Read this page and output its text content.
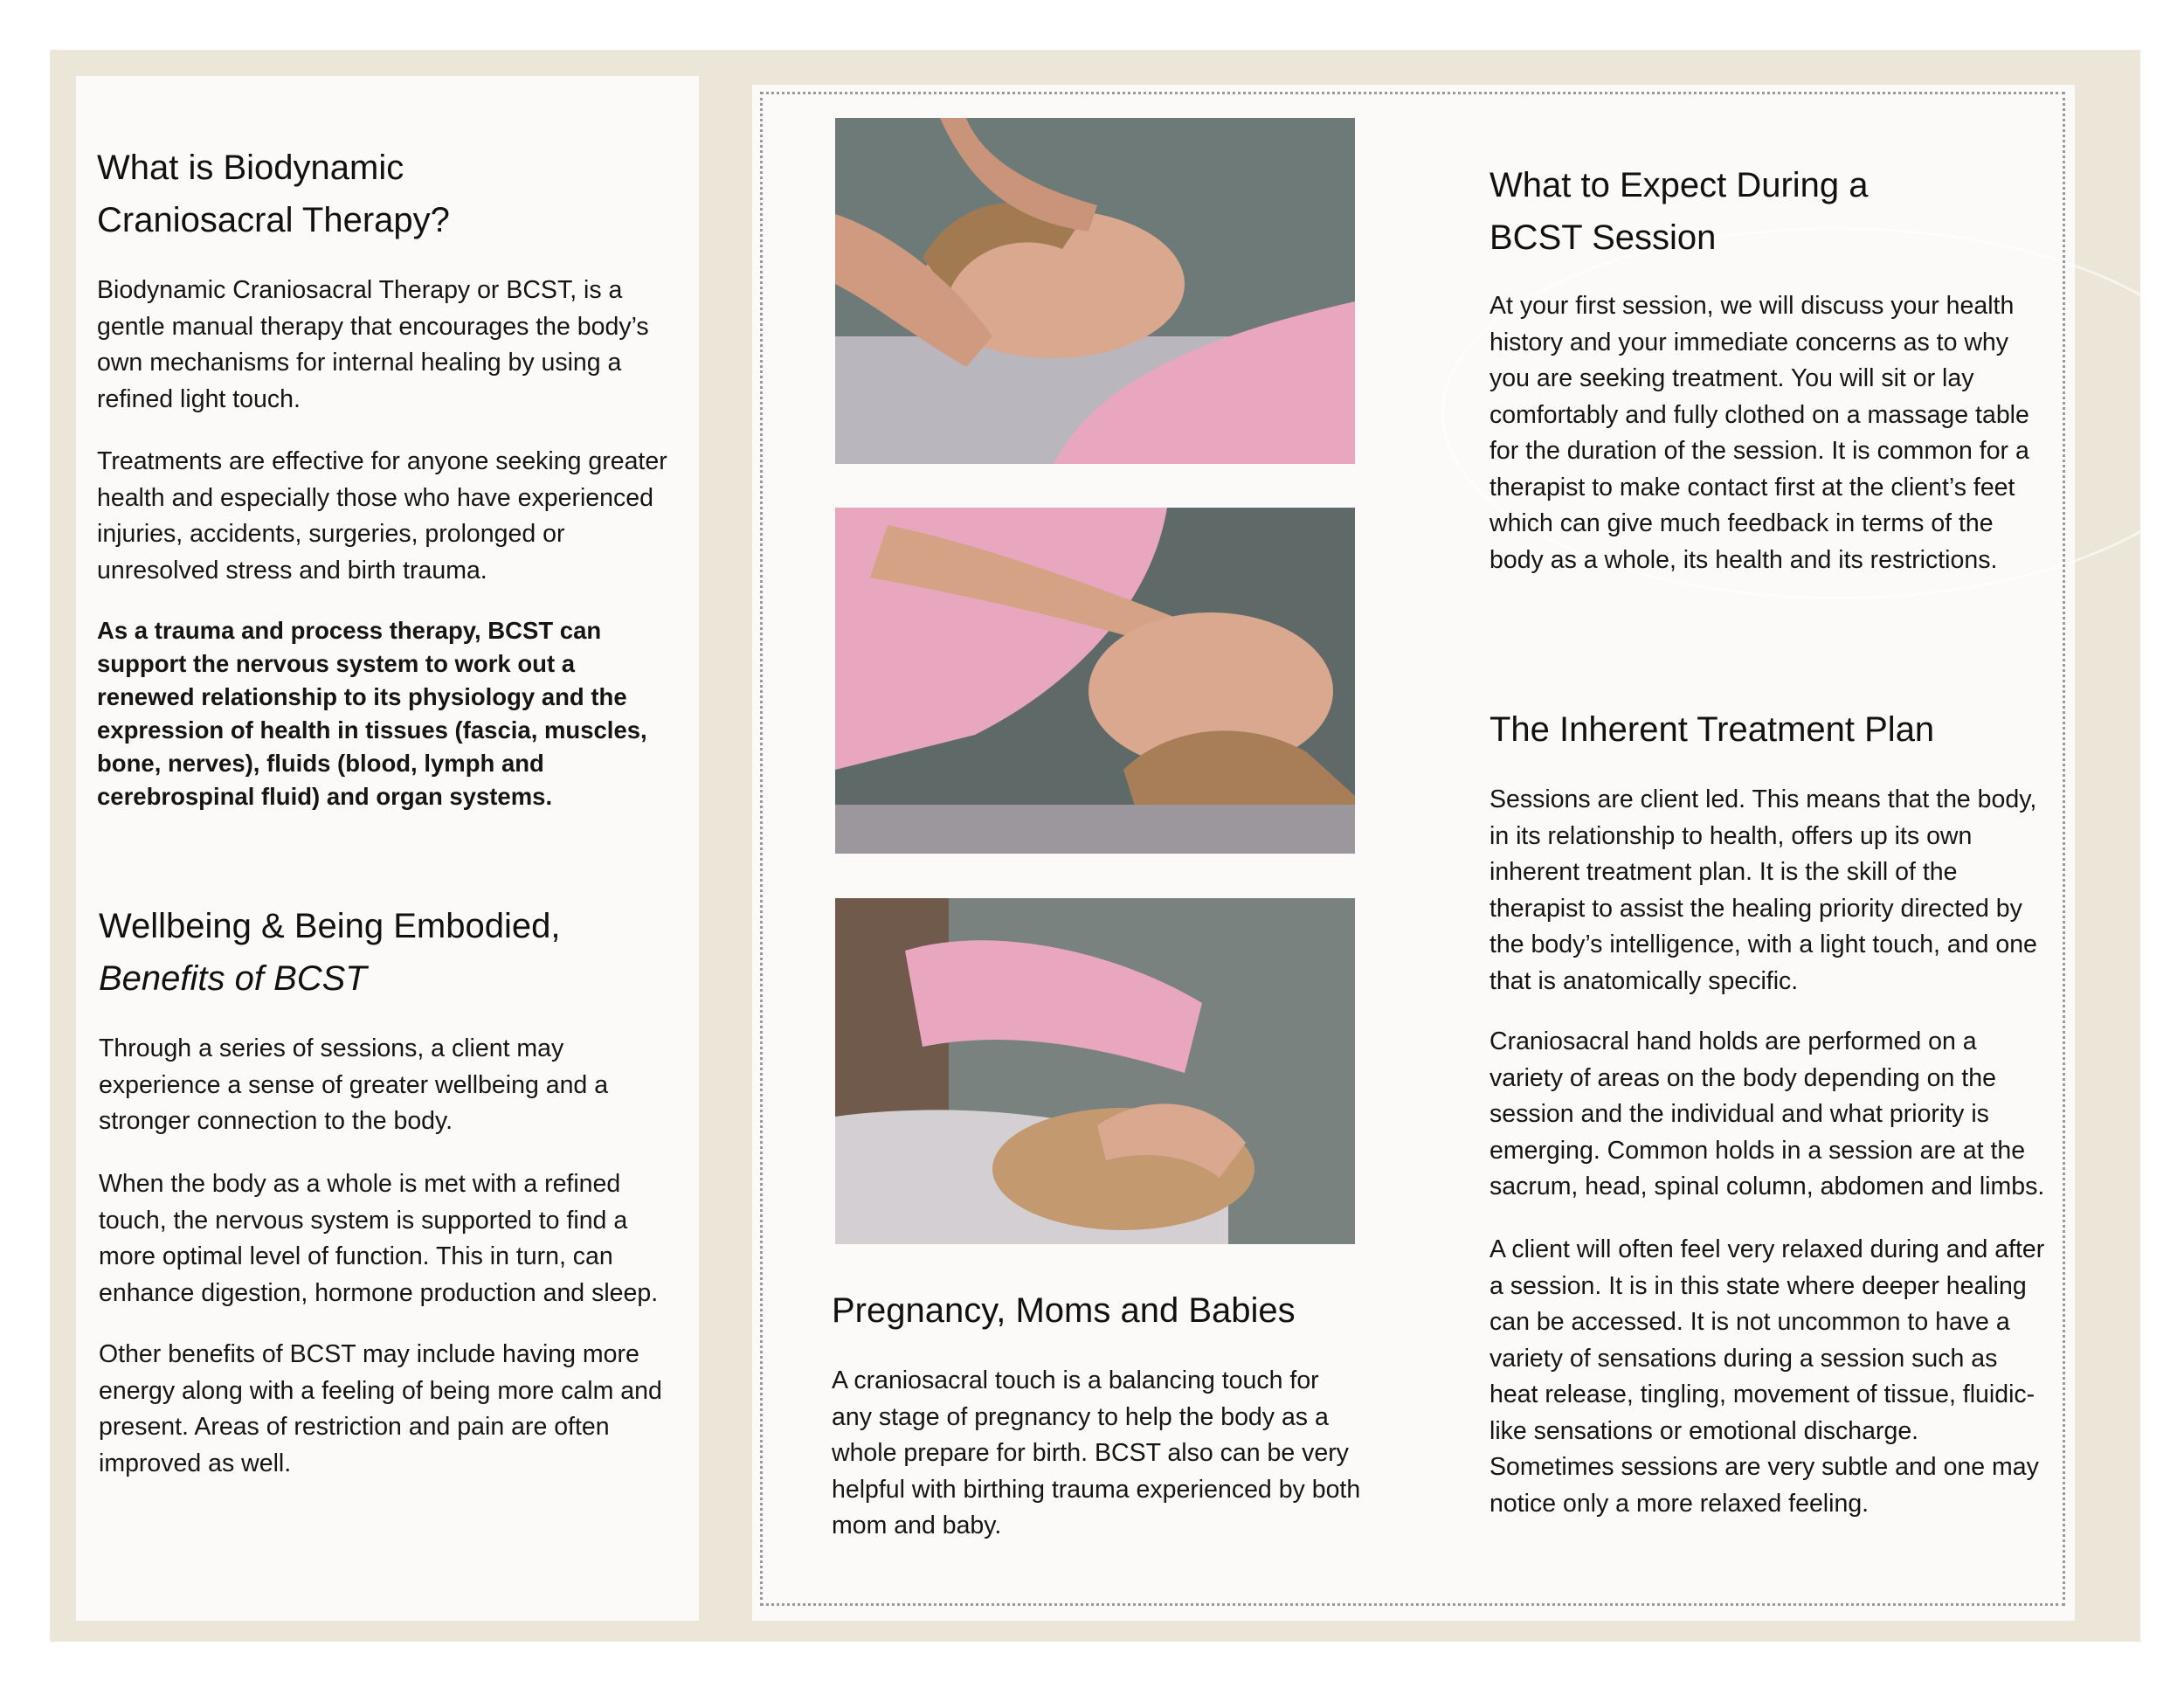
What is Biodynamic
Craniosacral Therapy?

Biodynamic Craniosacral Therapy or BCST, is a gentle manual therapy that encourages the body’s own mechanisms for internal healing by using a refined light touch.

Treatments are effective for anyone seeking greater health and especially those who have experienced injuries, accidents, surgeries, prolonged or unresolved stress and birth trauma.

As a trauma and process therapy, BCST can support the nervous system to work out a renewed relationship to its physiology and the expression of health in tissues (fascia, muscles, bone, nerves), fluids (blood, lymph and cerebrospinal fluid) and organ systems.

Wellbeing & Being Embodied,
Benefits of BCST

Through a series of sessions, a client may experience a sense of greater wellbeing and a stronger connection to the body.

When the body as a whole is met with a refined touch, the nervous system is supported to find a more optimal level of function. This in turn, can enhance digestion, hormone production and sleep.

Other benefits of BCST may include having more energy along with a feeling of being more calm and present. Areas of restriction and pain are often improved as well.

Pregnancy, Moms and Babies

A craniosacral touch is a balancing touch for any stage of pregnancy to help the body as a whole prepare for birth. BCST also can be very helpful with birthing trauma experienced by both mom and baby.

What to Expect During a
BCST Session

At your first session, we will discuss your health history and your immediate concerns as to why you are seeking treatment. You will sit or lay comfortably and fully clothed on a massage table for the duration of the session. It is common for a therapist to make contact first at the client’s feet which can give much feedback in terms of the body as a whole, its health and its restrictions.

The Inherent Treatment Plan

Sessions are client led. This means that the body, in its relationship to health, offers up its own inherent treatment plan. It is the skill of the therapist to assist the healing priority directed by the body’s intelligence, with a light touch, and one that is anatomically specific.

Craniosacral hand holds are performed on a variety of areas on the body depending on the session and the individual and what priority is emerging. Common holds in a session are at the sacrum, head, spinal column, abdomen and limbs.

A client will often feel very relaxed during and after a session. It is in this state where deeper healing can be accessed. It is not uncommon to have a variety of sensations during a session such as heat release, tingling, movement of tissue, fluidic-like sensations or emotional discharge. Sometimes sessions are very subtle and one may notice only a more relaxed feeling.
